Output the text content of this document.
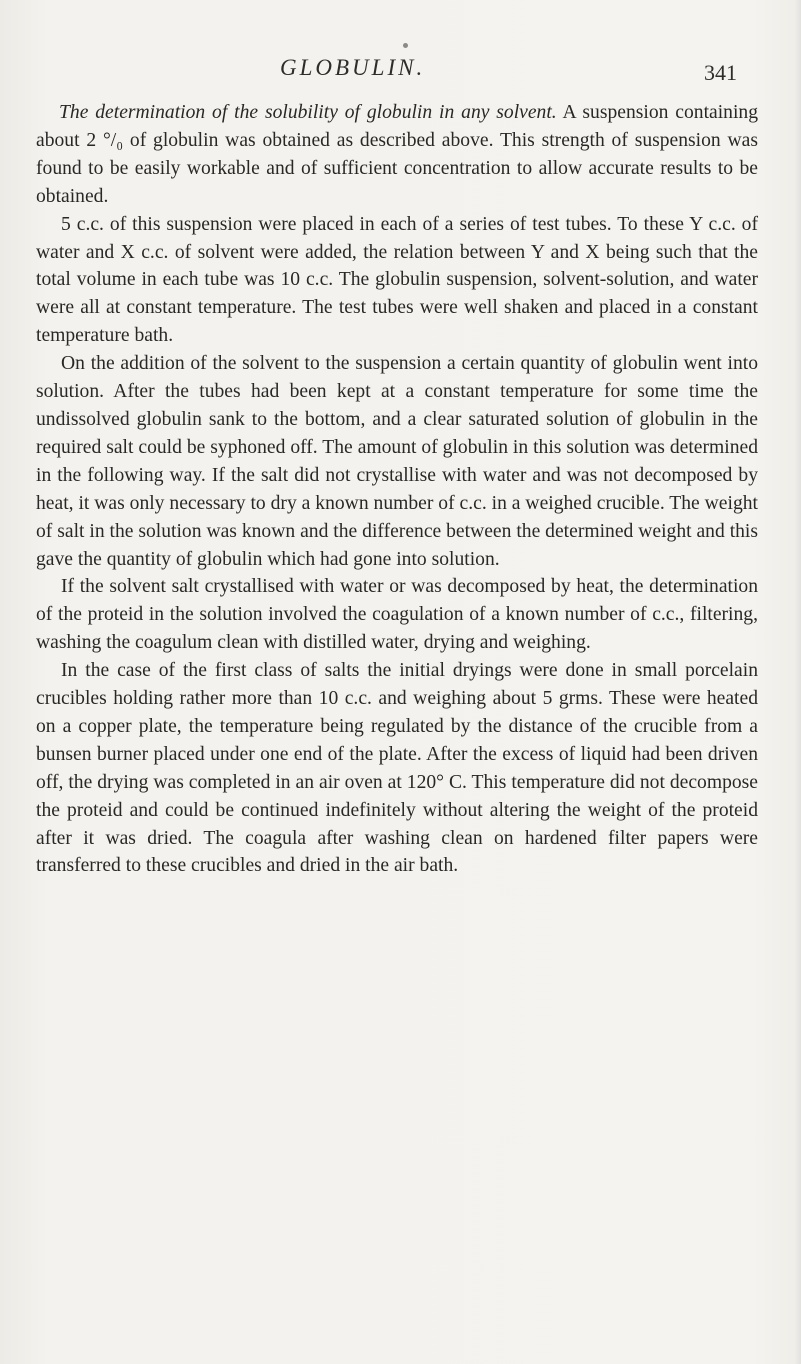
GLOBULIN.	341

The determination of the solubility of globulin in any solvent. A suspension containing about 2 °/₀ of globulin was obtained as described above. This strength of suspension was found to be easily workable and of sufficient concentration to allow accurate results to be obtained.

5 c.c. of this suspension were placed in each of a series of test tubes. To these Y c.c. of water and X c.c. of solvent were added, the relation between Y and X being such that the total volume in each tube was 10 c.c. The globulin suspension, solvent-solution, and water were all at constant temperature. The test tubes were well shaken and placed in a constant temperature bath.

On the addition of the solvent to the suspension a certain quantity of globulin went into solution. After the tubes had been kept at a constant temperature for some time the undissolved globulin sank to the bottom, and a clear saturated solution of globulin in the required salt could be syphoned off. The amount of globulin in this solution was determined in the following way. If the salt did not crystallise with water and was not decomposed by heat, it was only necessary to dry a known number of c.c. in a weighed crucible. The weight of salt in the solution was known and the difference between the determined weight and this gave the quantity of globulin which had gone into solution.

If the solvent salt crystallised with water or was decomposed by heat, the determination of the proteid in the solution involved the coagulation of a known number of c.c., filtering, washing the coagulum clean with distilled water, drying and weighing.

In the case of the first class of salts the initial dryings were done in small porcelain crucibles holding rather more than 10 c.c. and weighing about 5 grms. These were heated on a copper plate, the temperature being regulated by the distance of the crucible from a bunsen burner placed under one end of the plate. After the excess of liquid had been driven off, the drying was completed in an air oven at 120° C. This temperature did not decompose the proteid and could be continued indefinitely without altering the weight of the proteid after it was dried. The coagula after washing clean on hardened filter papers were transferred to these crucibles and dried in the air bath.
